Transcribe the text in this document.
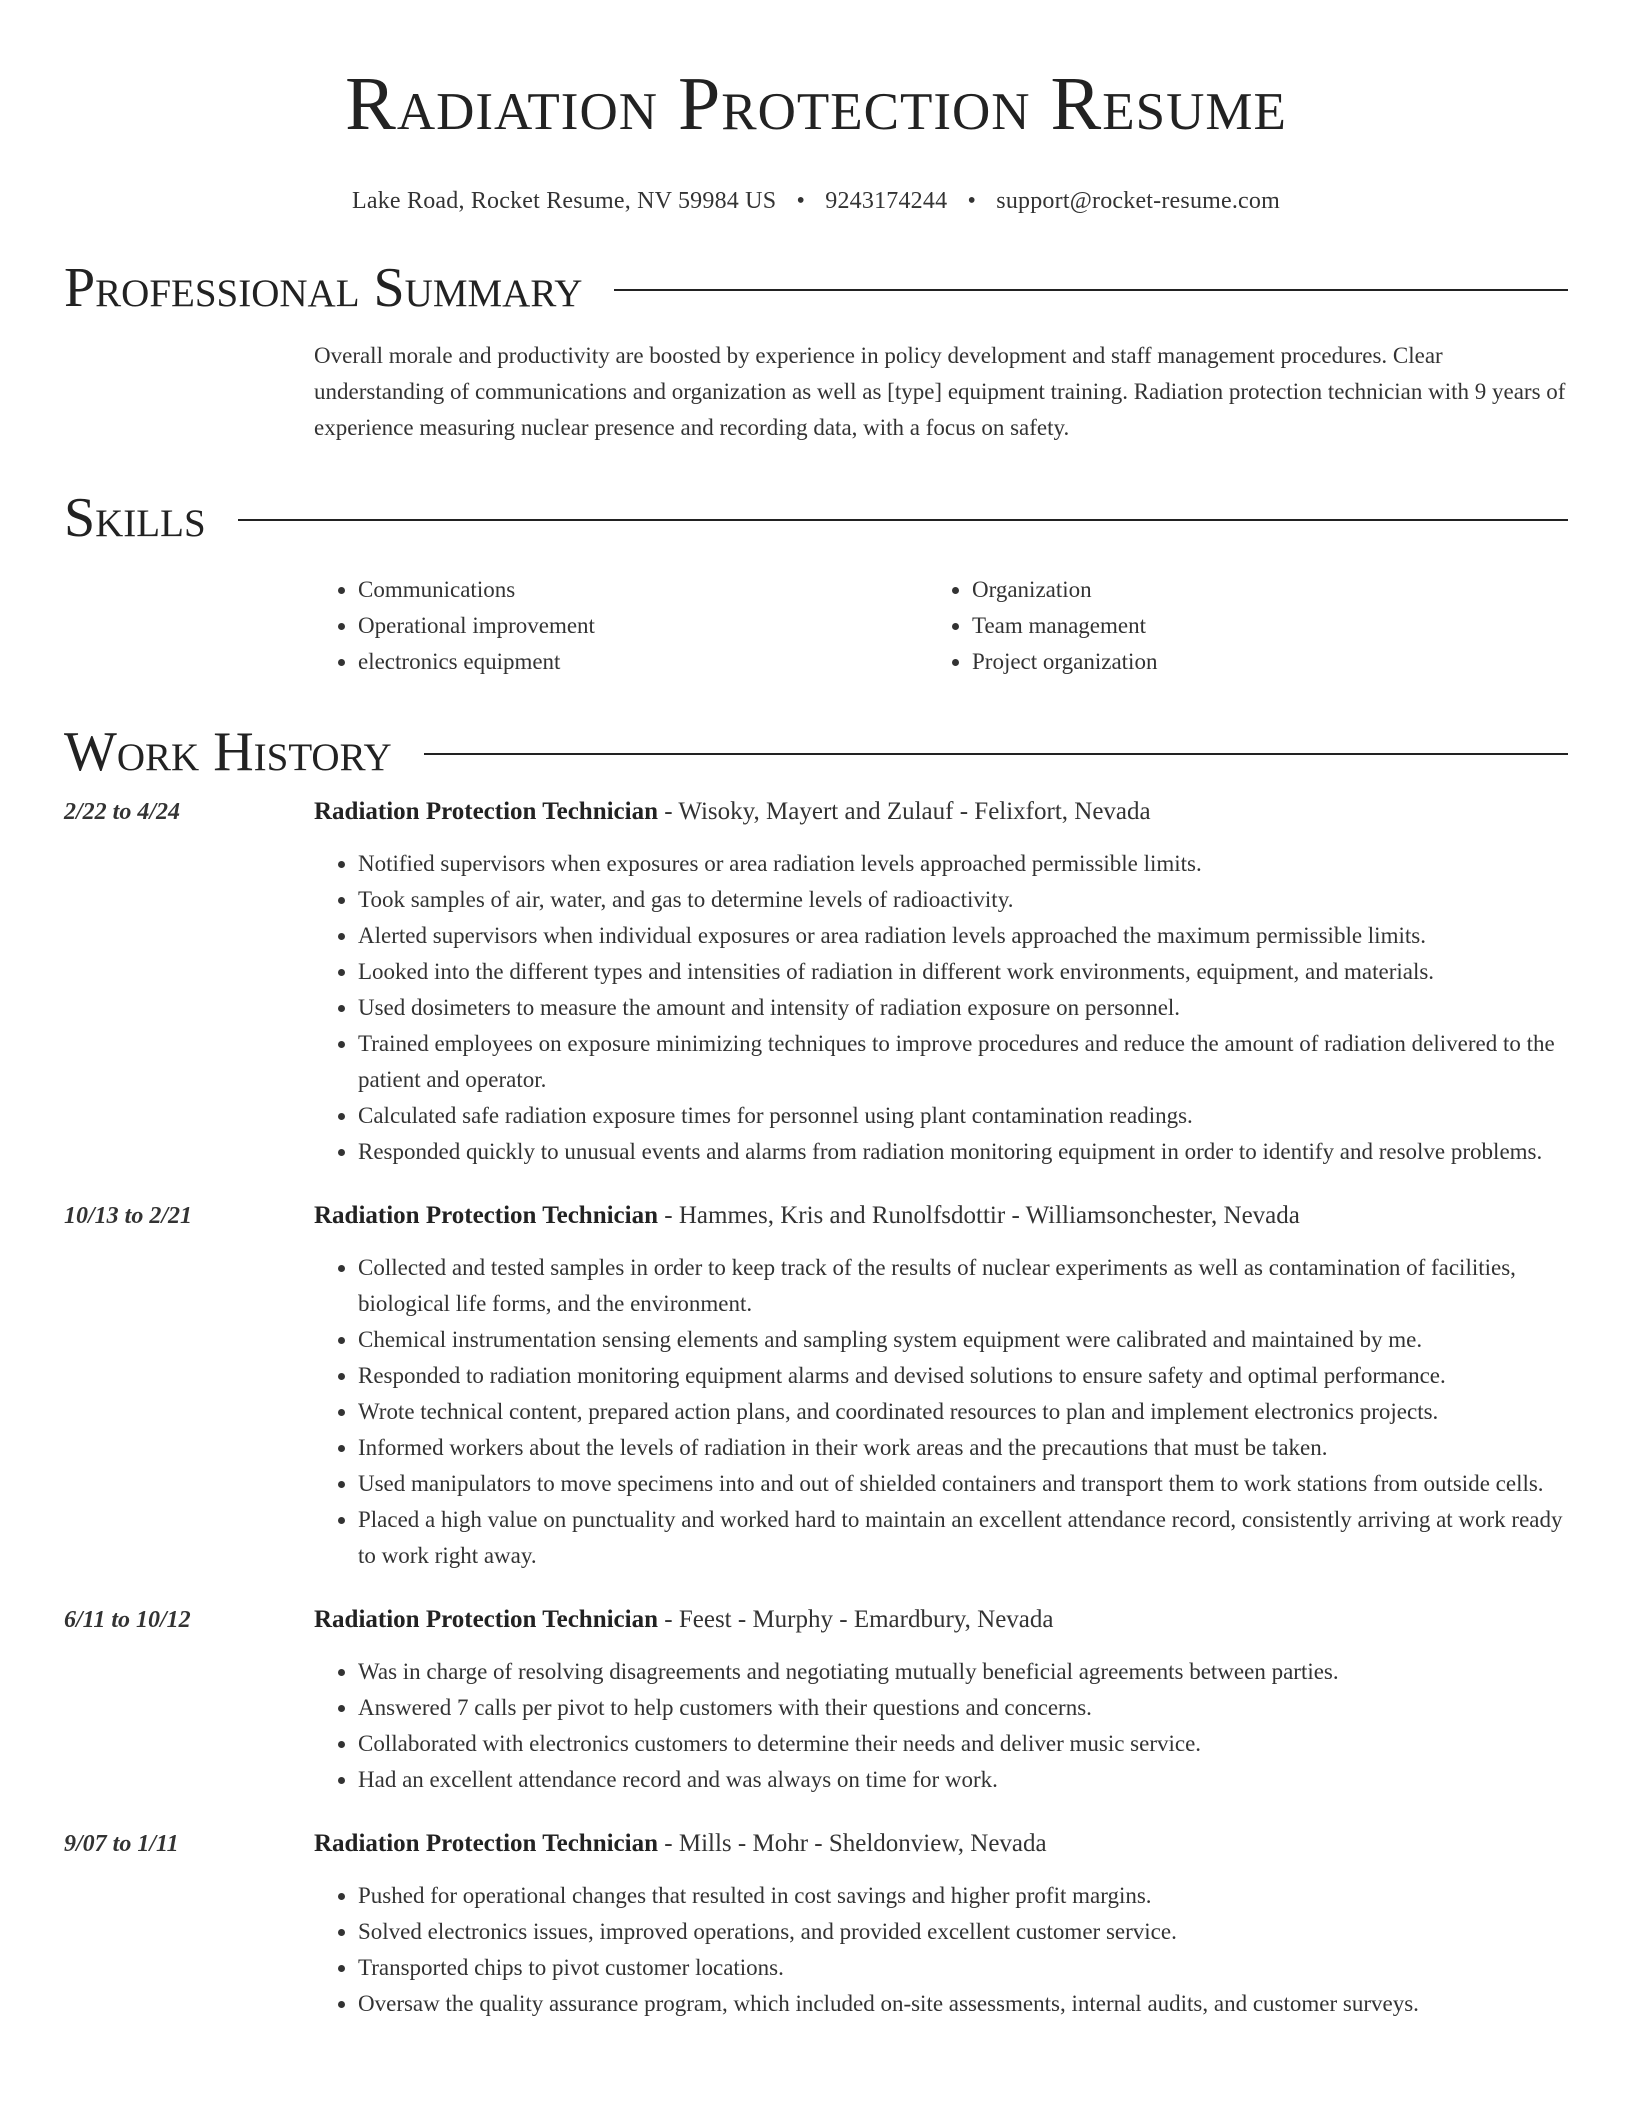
Radiation Protection Resume
Lake Road, Rocket Resume, NV 59984 US • 9243174244 • support@rocket-resume.com
Professional Summary
Overall morale and productivity are boosted by experience in policy development and staff management procedures. Clear understanding of communications and organization as well as [type] equipment training. Radiation protection technician with 9 years of experience measuring nuclear presence and recording data, with a focus on safety.
Skills
• Communications
• Operational improvement
• electronics equipment
• Organization
• Team management
• Project organization
Work History
2/22 to 4/24	Radiation Protection Technician - Wisoky, Mayert and Zulauf - Felixfort, Nevada
• Notified supervisors when exposures or area radiation levels approached permissible limits.
• Took samples of air, water, and gas to determine levels of radioactivity.
• Alerted supervisors when individual exposures or area radiation levels approached the maximum permissible limits.
• Looked into the different types and intensities of radiation in different work environments, equipment, and materials.
• Used dosimeters to measure the amount and intensity of radiation exposure on personnel.
• Trained employees on exposure minimizing techniques to improve procedures and reduce the amount of radiation delivered to the patient and operator.
• Calculated safe radiation exposure times for personnel using plant contamination readings.
• Responded quickly to unusual events and alarms from radiation monitoring equipment in order to identify and resolve problems.
10/13 to 2/21	Radiation Protection Technician - Hammes, Kris and Runolfsdottir - Williamsonchester, Nevada
• Collected and tested samples in order to keep track of the results of nuclear experiments as well as contamination of facilities, biological life forms, and the environment.
• Chemical instrumentation sensing elements and sampling system equipment were calibrated and maintained by me.
• Responded to radiation monitoring equipment alarms and devised solutions to ensure safety and optimal performance.
• Wrote technical content, prepared action plans, and coordinated resources to plan and implement electronics projects.
• Informed workers about the levels of radiation in their work areas and the precautions that must be taken.
• Used manipulators to move specimens into and out of shielded containers and transport them to work stations from outside cells.
• Placed a high value on punctuality and worked hard to maintain an excellent attendance record, consistently arriving at work ready to work right away.
6/11 to 10/12	Radiation Protection Technician - Feest - Murphy - Emardbury, Nevada
• Was in charge of resolving disagreements and negotiating mutually beneficial agreements between parties.
• Answered 7 calls per pivot to help customers with their questions and concerns.
• Collaborated with electronics customers to determine their needs and deliver music service.
• Had an excellent attendance record and was always on time for work.
9/07 to 1/11	Radiation Protection Technician - Mills - Mohr - Sheldonview, Nevada
• Pushed for operational changes that resulted in cost savings and higher profit margins.
• Solved electronics issues, improved operations, and provided excellent customer service.
• Transported chips to pivot customer locations.
• Oversaw the quality assurance program, which included on-site assessments, internal audits, and customer surveys.
